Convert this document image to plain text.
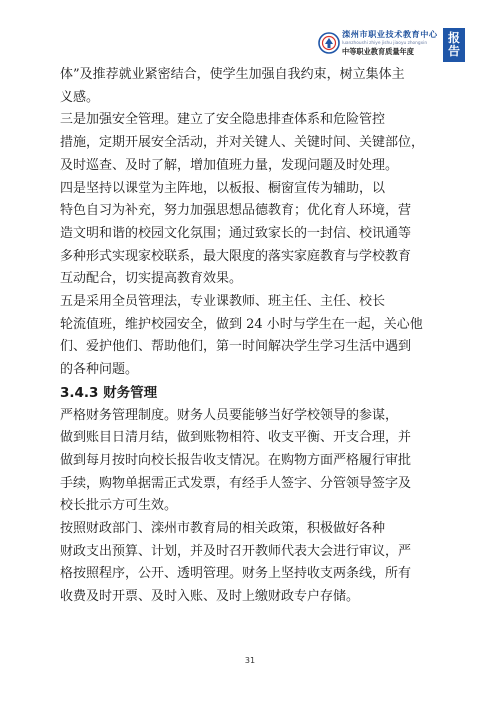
滦州市职业技术教育中心
luanzhoushi zhiye jishu jiaoyu zhongxin
中等职业教育质量年度
报
告

体”及推荐就业紧密结合，使学生加强自我约束，树立集体主

义感。

三是加强安全管理。建立了安全隐患排查体系和危险管控

措施，定期开展安全活动，并对关键人、关键时间、关键部位，

及时巡查、及时了解，增加值班力量，发现问题及时处理。

四是坚持以课堂为主阵地，以板报、橱窗宣传为辅助，以

特色自习为补充，努力加强思想品德教育；优化育人环境，营

造文明和谐的校园文化氛围；通过致家长的一封信、校讯通等

多种形式实现家校联系，最大限度的落实家庭教育与学校教育

互动配合，切实提高教育效果。

五是采用全员管理法，专业课教师、班主任、主任、校长

轮流值班，维护校园安全，做到 24 小时与学生在一起，关心他

们、爱护他们、帮助他们，第一时间解决学生学习生活中遇到

的各种问题。

3.4.3 财务管理

严格财务管理制度。财务人员要能够当好学校领导的参谋，

做到账目日清月结，做到账物相符、收支平衡、开支合理，并

做到每月按时向校长报告收支情况。在购物方面严格履行审批

手续，购物单据需正式发票，有经手人签字、分管领导签字及

校长批示方可生效。

按照财政部门、滦州市教育局的相关政策，积极做好各种

财政支出预算、计划，并及时召开教师代表大会进行审议，严

格按照程序，公开、透明管理。财务上坚持收支两条线，所有

收费及时开票、及时入账、及时上缴财政专户存储。

31
